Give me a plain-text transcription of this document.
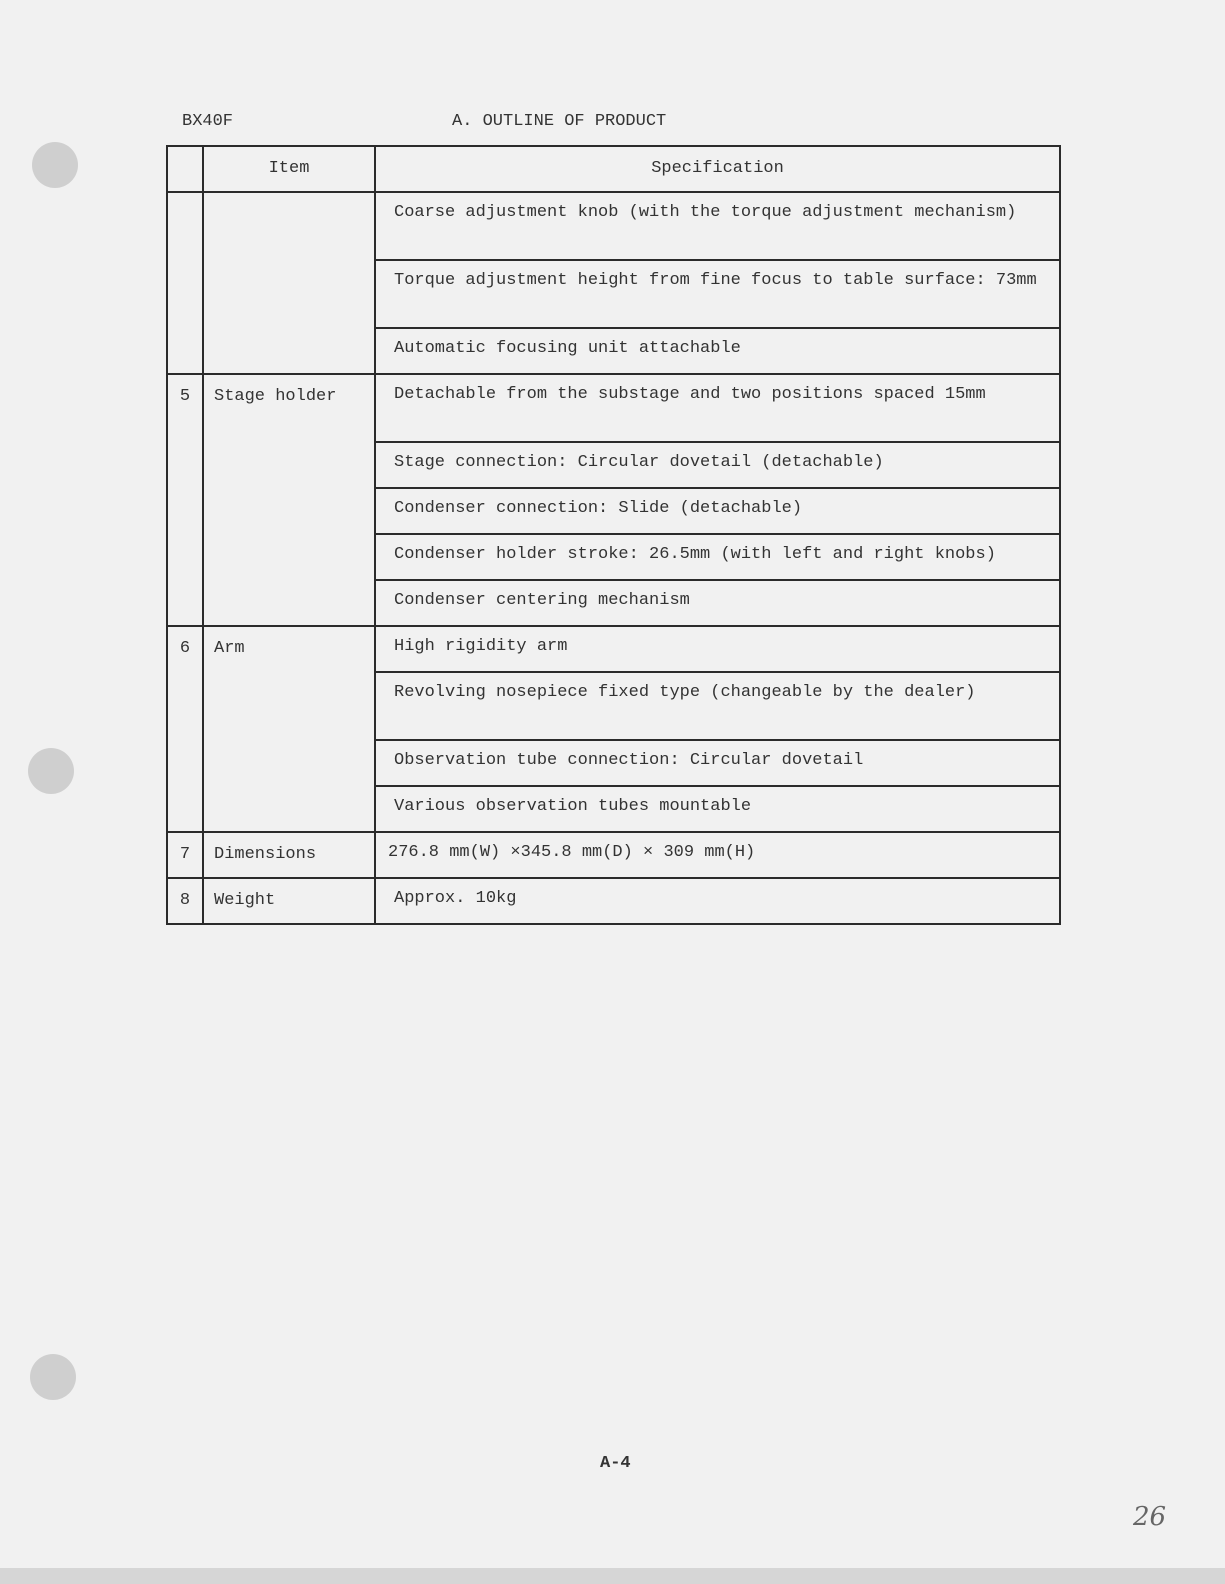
BX40F	A. OUTLINE OF PRODUCT
	Item	Specification
		Coarse adjustment knob (with the torque adjustment mechanism)
		Torque adjustment height from fine focus to table surface: 73mm
		Automatic focusing unit attachable
5	Stage holder	Detachable from the substage and two positions spaced 15mm
		Stage connection: Circular dovetail (detachable)
		Condenser connection: Slide (detachable)
		Condenser holder stroke: 26.5mm (with left and right knobs)
		Condenser centering mechanism
6	Arm	High rigidity arm
		Revolving nosepiece fixed type (changeable by the dealer)
		Observation tube connection: Circular dovetail
		Various observation tubes mountable
7	Dimensions	276.8 mm(W) ×345.8 mm(D) × 309 mm(H)
8	Weight	Approx. 10kg
A-4
26
